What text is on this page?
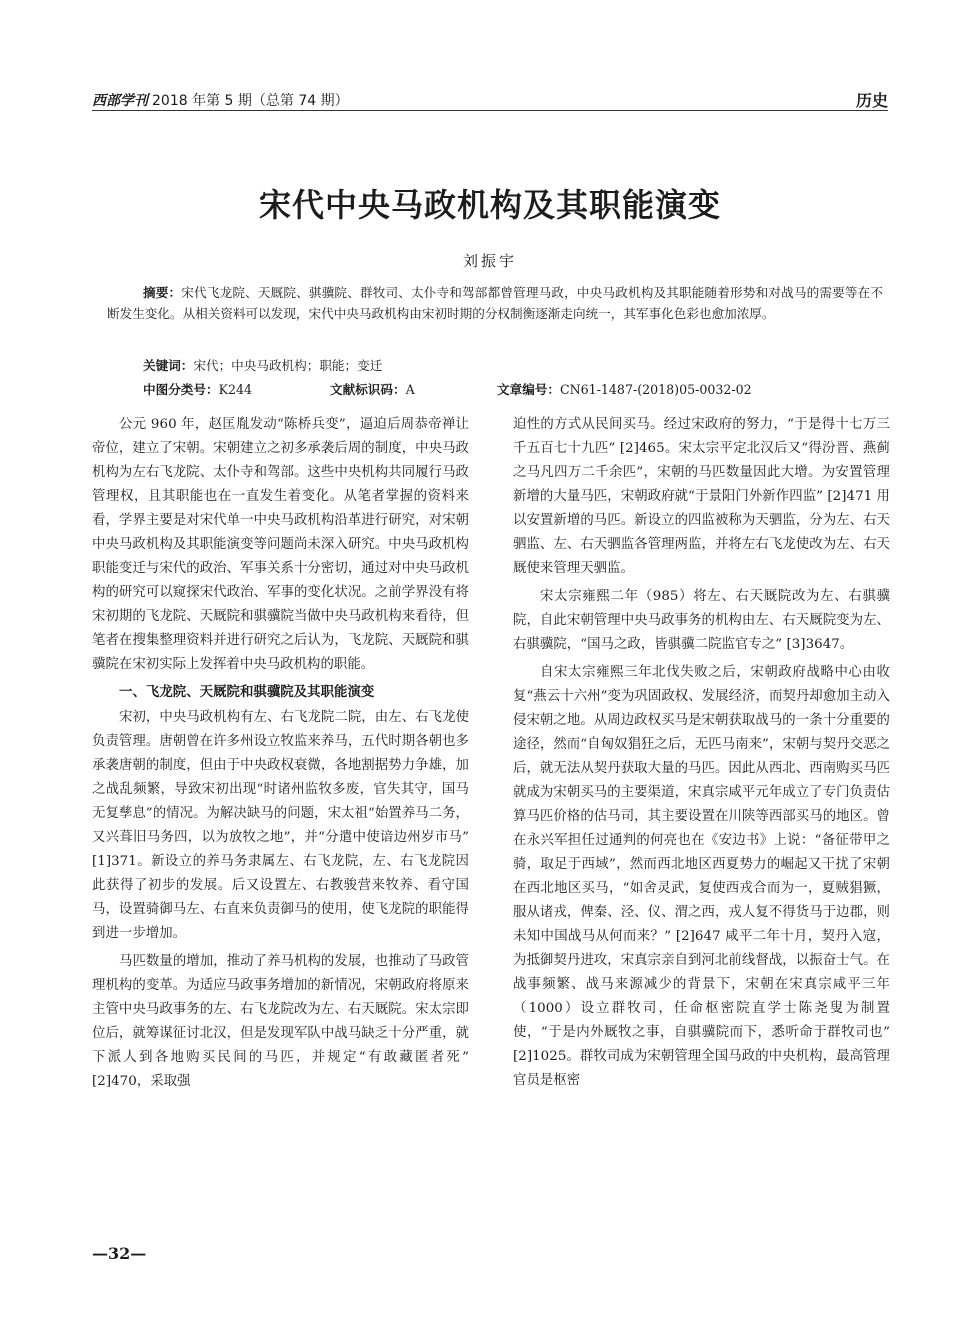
西部学刊 2018 年第 5 期（总第 74 期）	历史
宋代中央马政机构及其职能演变
刘振宇
摘要：宋代飞龙院、天厩院、骐骥院、群牧司、太仆寺和驾部都曾管理马政，中央马政机构及其职能随着形势和对战马的需要等在不断发生变化。从相关资料可以发现，宋代中央马政机构由宋初时期的分权制衡逐渐走向统一，其军事化色彩也愈加浓厚。
关键词：宋代；中央马政机构；职能；变迁
中图分类号：K244	文献标识码：A	文章编号：CN61-1487-(2018)05-0032-02

公元 960 年，赵匡胤发动“陈桥兵变”，逼迫后周恭帝禅让帝位，建立了宋朝。宋朝建立之初多承袭后周的制度，中央马政机构为左右飞龙院、太仆寺和驾部。这些中央机构共同履行马政管理权，且其职能也在一直发生着变化。从笔者掌握的资料来看，学界主要是对宋代单一中央马政机构沿革进行研究，对宋朝中央马政机构及其职能演变等问题尚未深入研究。中央马政机构职能变迁与宋代的政治、军事关系十分密切，通过对中央马政机构的研究可以窥探宋代政治、军事的变化状况。之前学界没有将宋初期的飞龙院、天厩院和骐骥院当做中央马政机构来看待，但笔者在搜集整理资料并进行研究之后认为，飞龙院、天厩院和骐骥院在宋初实际上发挥着中央马政机构的职能。

一、飞龙院、天厩院和骐骥院及其职能演变

宋初，中央马政机构有左、右飞龙院二院，由左、右飞龙使负责管理。唐朝曾在许多州设立牧监来养马，五代时期各朝也多承袭唐朝的制度，但由于中央政权衰微，各地割据势力争雄，加之战乱频繁，导致宋初出现“时诸州监牧多废，官失其守，国马无复孳息”的情况。为解决缺马的问题，宋太祖“始置养马二务，又兴葺旧马务四，以为放牧之地”，并“分遣中使谙边州岁市马” [1]371。新设立的养马务隶属左、右飞龙院，左、右飞龙院因此获得了初步的发展。后又设置左、右教骏营来牧养、看守国马，设置骑御马左、右直来负责御马的使用，使飞龙院的职能得到进一步增加。

马匹数量的增加，推动了养马机构的发展，也推动了马政管理机构的变革。为适应马政事务增加的新情况，宋朝政府将原来主管中央马政事务的左、右飞龙院改为左、右天厩院。宋太宗即位后，就筹谋征讨北汉，但是发现军队中战马缺乏十分严重，就下派人到各地购买民间的马匹，并规定“有敢藏匿者死” [2]470，采取强

迫性的方式从民间买马。经过宋政府的努力，“于是得十七万三千五百七十九匹” [2]465。宋太宗平定北汉后又“得汾晋、燕蓟之马凡四万二千余匹”，宋朝的马匹数量因此大增。为安置管理新增的大量马匹，宋朝政府就“于景阳门外新作四监” [2]471 用以安置新增的马匹。新设立的四监被称为天驷监，分为左、右天驷监、左、右天驷监各管理两监，并将左右飞龙使改为左、右天厩使来管理天驷监。

宋太宗雍熙二年（985）将左、右天厩院改为左、右骐骥院，自此宋朝管理中央马政事务的机构由左、右天厩院变为左、右骐骥院，“国马之政，皆骐骥二院监官专之” [3]3647。

自宋太宗雍熙三年北伐失败之后，宋朝政府战略中心由收复“燕云十六州”变为巩固政权、发展经济，而契丹却愈加主动入侵宋朝之地。从周边政权买马是宋朝获取战马的一条十分重要的途径，然而“自匈奴猖狂之后，无匹马南来”，宋朝与契丹交恶之后，就无法从契丹获取大量的马匹。因此从西北、西南购买马匹就成为宋朝买马的主要渠道，宋真宗咸平元年成立了专门负责估算马匹价格的估马司，其主要设置在川陕等西部买马的地区。曾在永兴军担任过通判的何亮也在《安边书》上说：“备征带甲之骑，取足于西域”，然而西北地区西夏势力的崛起又干扰了宋朝在西北地区买马，“如舍灵武，复使西戎合而为一，夏贼猖獗，服从诸戎，俾秦、泾、仪、渭之西，戎人复不得货马于边郡，则未知中国战马从何而来？” [2]647 咸平二年十月，契丹入寇，为抵御契丹进攻，宋真宗亲自到河北前线督战，以振奋士气。在战事频繁、战马来源减少的背景下，宋朝在宋真宗咸平三年（1000）设立群牧司，任命枢密院直学士陈尧叟为制置使，“于是内外厩牧之事，自骐骥院而下，悉听命于群牧司也” [2]1025。群牧司成为宋朝管理全国马政的中央机构，最高管理官员是枢密

—32—
